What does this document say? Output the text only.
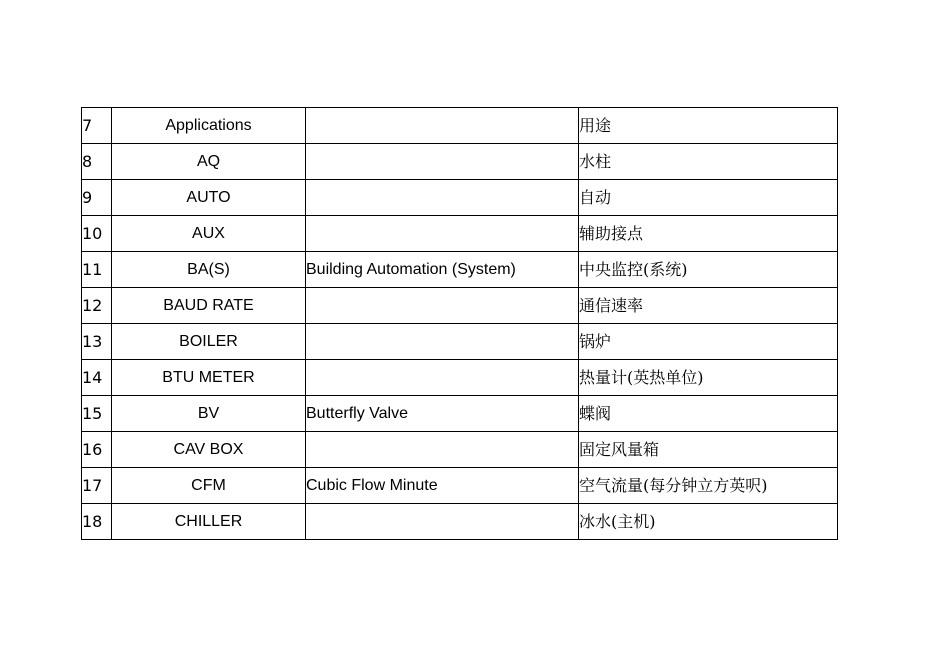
7	Applications		用途
8	AQ		水柱
9	AUTO		自动
10	AUX		辅助接点
11	BA(S)	Building Automation (System)	中央监控(系统)
12	BAUD RATE		通信速率
13	BOILER		锅炉
14	BTU METER		热量计(英热单位)
15	BV	Butterfly Valve	蝶阀
16	CAV BOX		固定风量箱
17	CFM	Cubic Flow Minute	空气流量(每分钟立方英呎)
18	CHILLER		冰水(主机)
